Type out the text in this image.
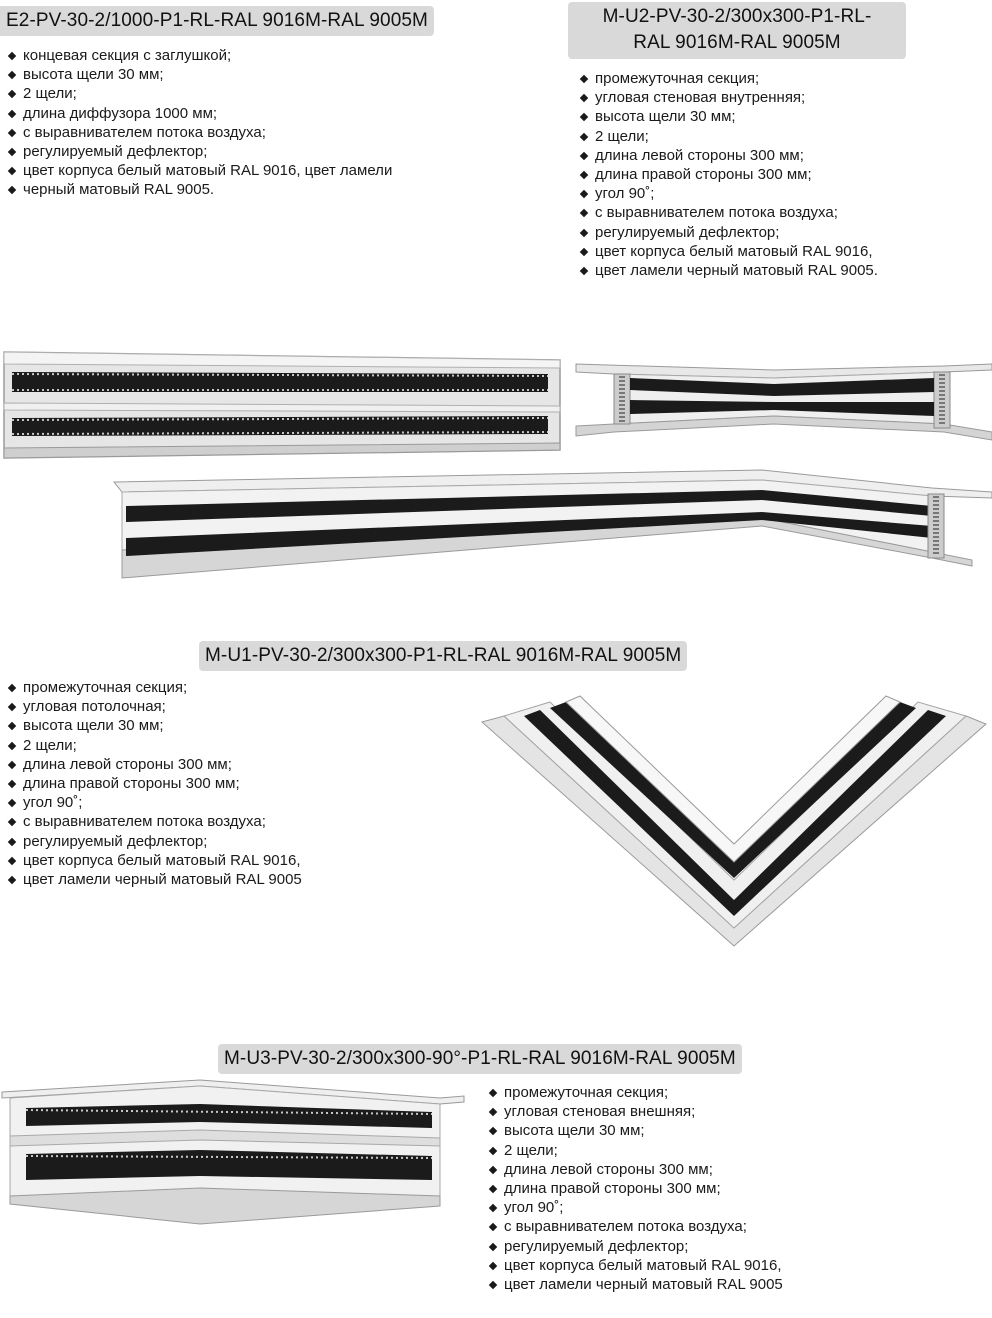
E2-PV-30-2/1000-P1-RL-RAL 9016M-RAL 9005M
концевая секция с заглушкой;
высота щели 30 мм;
2 щели;
длина диффузора 1000 мм;
с выравнивателем потока воздуха;
регулируемый дефлектор;
цвет корпуса белый матовый RAL 9016, цвет ламели
черный матовый RAL 9005.
M-U2-PV-30-2/300x300-P1-RL-
RAL 9016M-RAL 9005M
промежуточная секция;
угловая стеновая внутренняя;
высота щели 30 мм;
2 щели;
длина левой стороны 300 мм;
длина правой стороны 300 мм;
угол 90˚;
с выравнивателем потока воздуха;
регулируемый дефлектор;
цвет корпуса белый матовый RAL 9016,
цвет ламели черный матовый RAL 9005.
M-U1-PV-30-2/300x300-P1-RL-RAL 9016M-RAL 9005M
промежуточная секция;
угловая потолочная;
высота щели 30 мм;
2 щели;
длина левой стороны 300 мм;
длина правой стороны 300 мм;
угол 90˚;
с выравнивателем потока воздуха;
регулируемый дефлектор;
цвет корпуса белый матовый RAL 9016,
цвет ламели черный матовый RAL 9005
M-U3-PV-30-2/300x300-90°-P1-RL-RAL 9016M-RAL 9005M
промежуточная секция;
угловая стеновая внешняя;
высота щели 30 мм;
2 щели;
длина левой стороны 300 мм;
длина правой стороны 300 мм;
угол 90˚;
с выравнивателем потока воздуха;
регулируемый дефлектор;
цвет корпуса белый матовый RAL 9016,
цвет ламели черный матовый RAL 9005
